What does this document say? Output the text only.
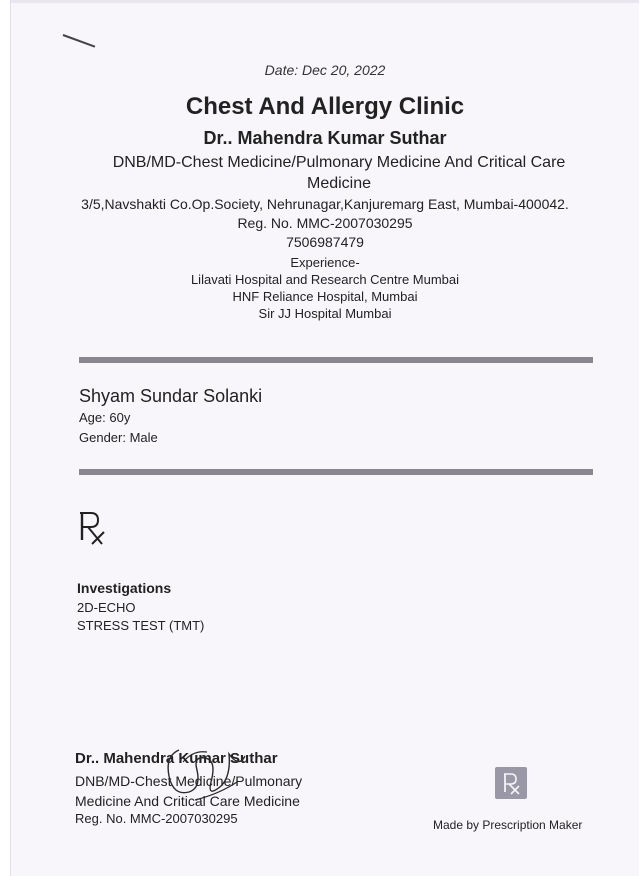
Date: Dec 20, 2022
Chest And Allergy Clinic
Dr.. Mahendra Kumar Suthar
DNB/MD-Chest Medicine/Pulmonary Medicine And Critical Care Medicine
3/5,Navshakti Co.Op.Society, Nehrunagar,Kanjuremarg East, Mumbai-400042.
Reg. No. MMC-2007030295
7506987479
Experience-
Lilavati Hospital and Research Centre Mumbai
HNF Reliance Hospital, Mumbai
Sir JJ Hospital Mumbai
Shyam Sundar Solanki
Age: 60y
Gender: Male
Investigations
2D-ECHO
STRESS TEST (TMT)
Dr.. Mahendra Kumar Suthar
DNB/MD-Chest Medicine/Pulmonary Medicine And Critical Care Medicine
Reg. No. MMC-2007030295	Made by Prescription Maker
